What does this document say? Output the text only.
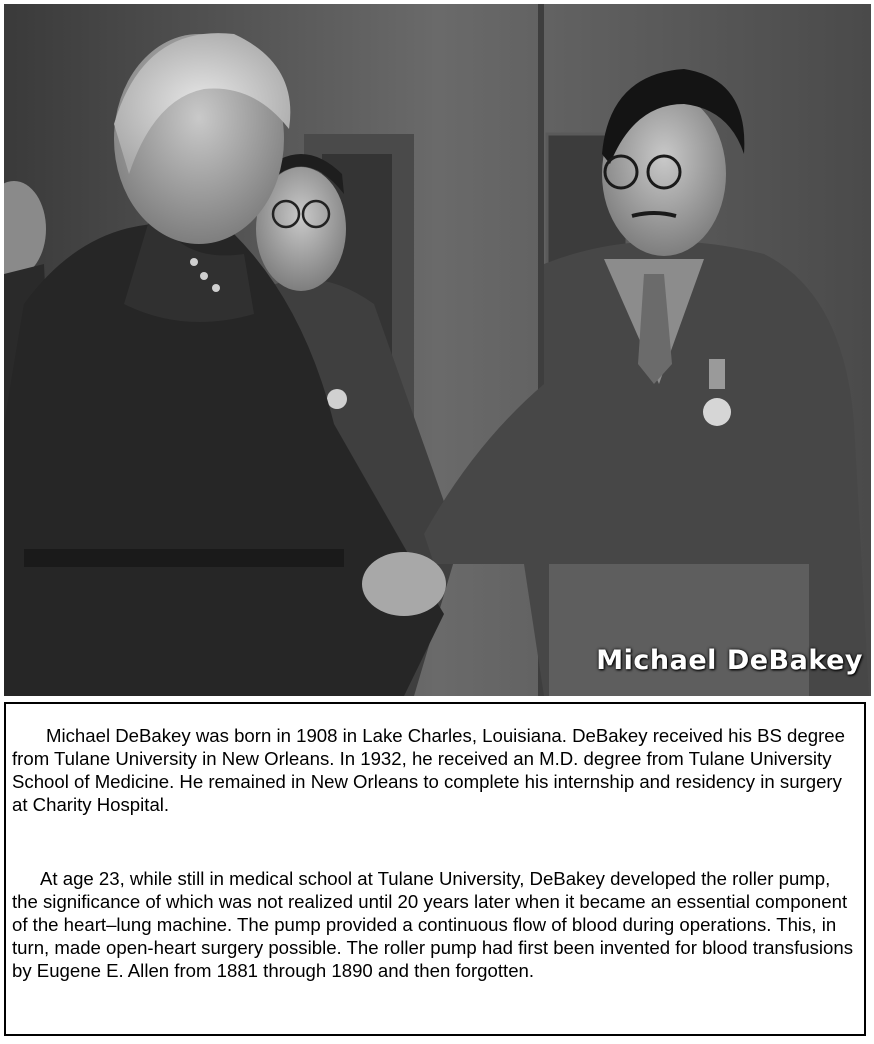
Michael DeBakey

Michael DeBakey was born in 1908 in Lake Charles, Louisiana. DeBakey received his BS degree from Tulane University in New Orleans. In 1932, he received an M.D. degree from Tulane University School of Medicine. He remained in New Orleans to complete his internship and residency in surgery at Charity Hospital.

At age 23, while still in medical school at Tulane University, DeBakey developed the roller pump, the significance of which was not realized until 20 years later when it became an essential component of the heart–lung machine. The pump provided a continuous flow of blood during operations. This, in turn, made open-heart surgery possible. The roller pump had first been invented for blood transfusions by Eugene E. Allen from 1881 through 1890 and then forgotten.
